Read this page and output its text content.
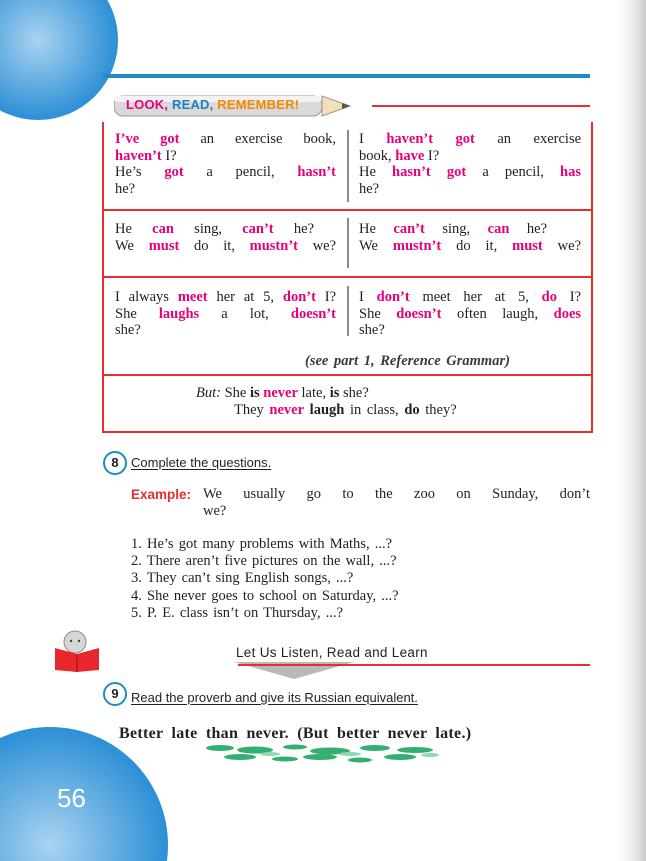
LOOK, READ, REMEMBER!
I’ve got an exercise book,
haven’t I?
He’s got a pencil, hasn’t
he?
I haven’t got an exercise
book, have I?
He hasn’t got a pencil, has
he?
He can sing, can’t he?
We must do it, mustn’t we?
He can’t sing, can he?
We mustn’t do it, must we?
I always meet her at 5, don’t I?
She laughs a lot, doesn’t
she?
I don’t meet her at 5, do I?
She doesn’t often laugh, does
she?
(see part 1, Reference Grammar)
But: She is never late, is she?
They never laugh in class, do they?
8 Complete the questions.
Example: We usually go to the zoo on Sunday, don’t
we?
1. He’s got many problems with Maths, ...?
2. There aren’t five pictures on the wall, ...?
3. They can’t sing English songs, ...?
4. She never goes to school on Saturday, ...?
5. P. E. class isn’t on Thursday, ...?
Let Us Listen, Read and Learn
9 Read the proverb and give its Russian equivalent.
Better late than never. (But better never late.)
56
